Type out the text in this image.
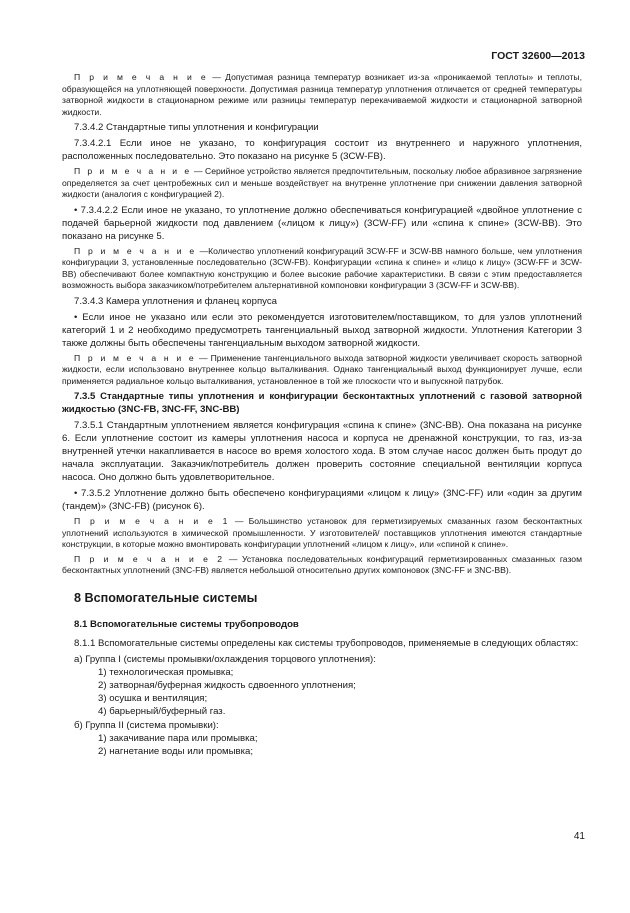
ГОСТ 32600—2013

П р и м е ч а н и е — Допустимая разница температур возникает из-за «проникаемой теплоты» и теплоты, образующейся на уплотняющей поверхности. Допустимая разница температур уплотнения отличается от средней температуры затворной жидкости в стационарном режиме или разницы температур перекачиваемой жидкости и стационарной затворной жидкости.

7.3.4.2 Стандартные типы уплотнения и конфигурации

7.3.4.2.1 Если иное не указано, то конфигурация состоит из внутреннего и наружного уплотнения, расположенных последовательно. Это показано на рисунке 5 (3CW-FB).

П р и м е ч а н и е — Серийное устройство является предпочтительным, поскольку любое абразивное загрязнение определяется за счет центробежных сил и меньше воздействует на внутренне уплотнение при снижении давления затворной жидкости (аналогия с конфигурацией 2).

• 7.3.4.2.2 Если иное не указано, то уплотнение должно обеспечиваться конфигурацией «двойное уплотнение с подачей барьерной жидкости под давлением («лицом к лицу») (3CW-FF) или «спина к спине» (3CW-BB). Это показано на рисунке 5.

П р и м е ч а н и е —Количество уплотнений конфигураций 3CW-FF и 3CW-BB намного больше, чем уплотнения конфигурации 3, установленные последовательно (3CW-FB). Конфигурации «спина к спине» и «лицо к лицу» (3CW-FF и 3CW-BB) обеспечивают более компактную конструкцию и более высокие рабочие характеристики. В связи с этим предоставляется возможность выбора заказчиком/потребителем альтернативной компоновки конфигурации 3 (3CW-FF и 3CW-BB).

7.3.4.3 Камера уплотнения и фланец корпуса

• Если иное не указано или если это рекомендуется изготовителем/поставщиком, то для узлов уплотнений категорий 1 и 2 необходимо предусмотреть тангенциальный выход затворной жидкости. Уплотнения Категории 3 также должны быть обеспечены тангенциальным выходом затворной жидкости.

П р и м е ч а н и е — Применение тангенциального выхода затворной жидкости увеличивает скорость затворной жидкости, если использовано внутреннее кольцо выталкивания. Однако тангенциальный выход функционирует лучше, если применяется радиальное кольцо выталкивания, установленное в той же плоскости что и выпускной патрубок.

7.3.5 Стандартные типы уплотнения и конфигурации бесконтактных уплотнений с газовой затворной жидкостью (3NC-FB, 3NC-FF, 3NC-BB)

7.3.5.1 Стандартным уплотнением является конфигурация «спина к спине» (3NC-BB). Она показана на рисунке 6. Если уплотнение состоит из камеры уплотнения насоса и корпуса не дренажной конструкции, то газ, из-за внутренней утечки накапливается в насосе во время холостого хода. В этом случае насос должен быть продут до начала эксплуатации. Заказчик/потребитель должен проверить состояние специальной вентиляции корпуса насоса. Оно должно быть удовлетворительное.

• 7.3.5.2 Уплотнение должно быть обеспечено конфигурациями «лицом к лицу» (3NC-FF) или «один за другим (тандем)» (3NC-FB) (рисунок 6).

П р и м е ч а н и е 1 — Большинство установок для герметизируемых смазанных газом бесконтактных уплотнений используются в химической промышленности. У изготовителей/ поставщиков уплотнения имеются стандартные конструкции, в которые можно вмонтировать конфигурации уплотнений «лицом к лицу», или «спиной к спине».

П р и м е ч а н и е 2 — Установка последовательных конфигураций герметизированных смазанных газом бесконтактных уплотнений (3NC-FB) является небольшой относительно других компоновок (3NC-FF и 3NC-BB).

8 Вспомогательные системы

8.1 Вспомогательные системы трубопроводов

8.1.1 Вспомогательные системы определены как системы трубопроводов, применяемые в следующих областях:

а) Группа I (системы промывки/охлаждения торцового уплотнения):

1) технологическая промывка;

2) затворная/буферная жидкость сдвоенного уплотнения;

3) осушка и вентиляция;

4) барьерный/буферный газ.

б) Группа II (система промывки):

1) закачивание пара или промывка;

2) нагнетание воды или промывка;

41
